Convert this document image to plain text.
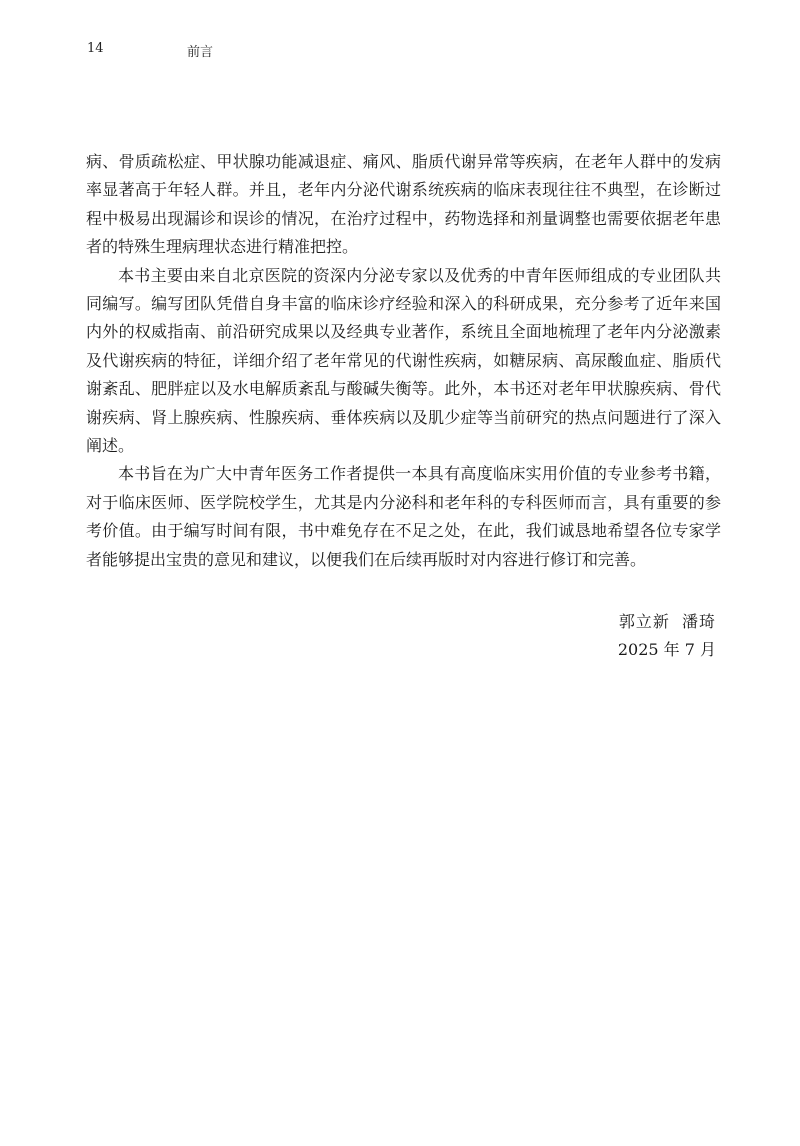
14	前言

病、骨质疏松症、甲状腺功能减退症、痛风、脂质代谢异常等疾病，在老年人群中的发病率显著高于年轻人群。并且，老年内分泌代谢系统疾病的临床表现往往不典型，在诊断过程中极易出现漏诊和误诊的情况，在治疗过程中，药物选择和剂量调整也需要依据老年患者的特殊生理病理状态进行精准把控。

本书主要由来自北京医院的资深内分泌专家以及优秀的中青年医师组成的专业团队共同编写。编写团队凭借自身丰富的临床诊疗经验和深入的科研成果，充分参考了近年来国内外的权威指南、前沿研究成果以及经典专业著作，系统且全面地梳理了老年内分泌激素及代谢疾病的特征，详细介绍了老年常见的代谢性疾病，如糖尿病、高尿酸血症、脂质代谢紊乱、肥胖症以及水电解质紊乱与酸碱失衡等。此外，本书还对老年甲状腺疾病、骨代谢疾病、肾上腺疾病、性腺疾病、垂体疾病以及肌少症等当前研究的热点问题进行了深入阐述。

本书旨在为广大中青年医务工作者提供一本具有高度临床实用价值的专业参考书籍，对于临床医师、医学院校学生，尤其是内分泌科和老年科的专科医师而言，具有重要的参考价值。由于编写时间有限，书中难免存在不足之处，在此，我们诚恳地希望各位专家学者能够提出宝贵的意见和建议，以便我们在后续再版时对内容进行修订和完善。

郭立新  潘琦
2025 年 7 月
